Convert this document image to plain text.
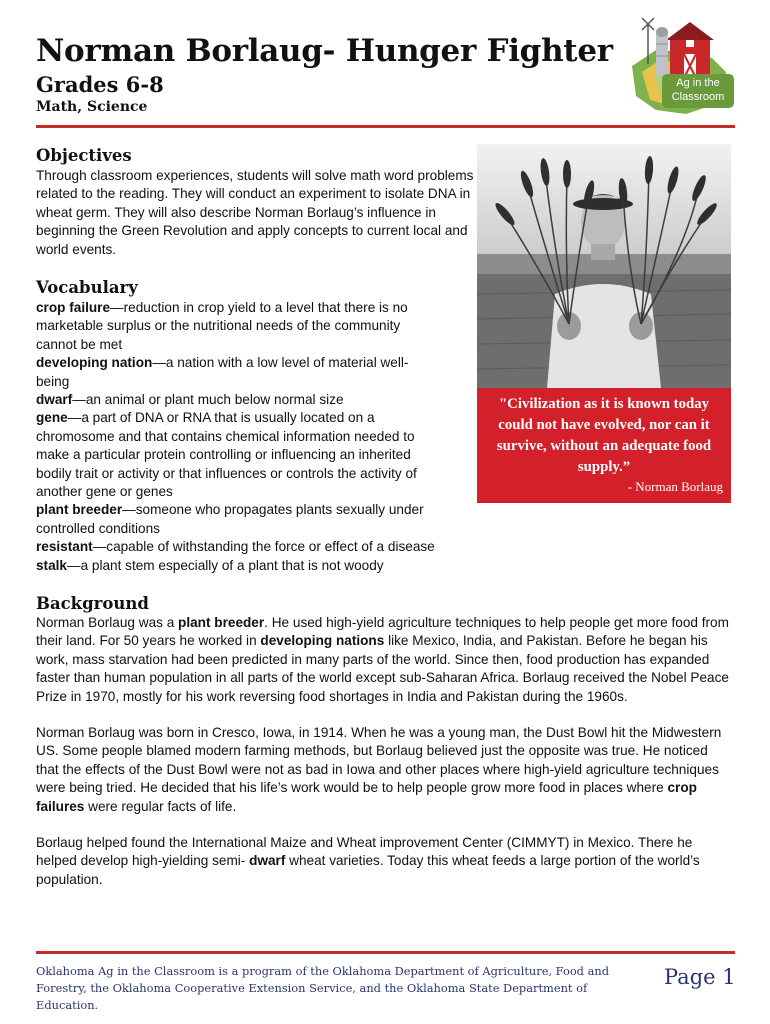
Norman Borlaug- Hunger Fighter
Grades 6-8
Math, Science
Ag in the
Classroom
Objectives
Through classroom experiences, students will solve math word problems related to the reading. They will conduct an experiment to isolate DNA in wheat germ. They will also describe Norman Borlaug’s influence in beginning the Green Revolution and apply concepts to current local and world events.
Vocabulary
crop failure—reduction in crop yield to a level that there is no marketable surplus or the nutritional needs of the community cannot be met
developing nation—a nation with a low level of material well-being
dwarf—an animal or plant much below normal size
gene—a part of DNA or RNA that is usually located on a chromosome and that contains chemical information needed to make a particular protein controlling or influencing an inherited bodily trait or activity or that influences or controls the activity of another gene or genes
plant breeder—someone who propagates plants sexually under controlled conditions
resistant—capable of withstanding the force or effect of a disease
stalk—a plant stem especially of a plant that is not woody
"Civilization as it is known today could not have evolved, nor can it survive, without an adequate food supply.”
- Norman Borlaug
Background

Norman Borlaug was a plant breeder. He used high-yield agriculture techniques to help people get more food from their land. For 50 years he worked in developing nations like Mexico, India, and Pakistan. Before he began his work, mass starvation had been predicted in many parts of the world. Since then, food production has expanded faster than human population in all parts of the world except sub-Saharan Africa. Borlaug received the Nobel Peace Prize in 1970, mostly for his work reversing food shortages in India and Pakistan during the 1960s.

Norman Borlaug was born in Cresco, Iowa, in 1914. When he was a young man, the Dust Bowl hit the Midwestern US. Some people blamed modern farming methods, but Borlaug believed just the opposite was true. He noticed that the effects of the Dust Bowl were not as bad in Iowa and other places where high-yield agriculture techniques were being tried. He decided that his life’s work would be to help people grow more food in places where crop failures were regular facts of life.

Borlaug helped found the International Maize and Wheat improvement Center (CIMMYT) in Mexico. There he helped develop high-yielding semi- dwarf wheat varieties. Today this wheat feeds a large portion of the world’s population.

Oklahoma Ag in the Classroom is a program of the Oklahoma Department of Agriculture, Food and Forestry, the Oklahoma Cooperative Extension Service, and the Oklahoma State Department of Education.
Page 1
